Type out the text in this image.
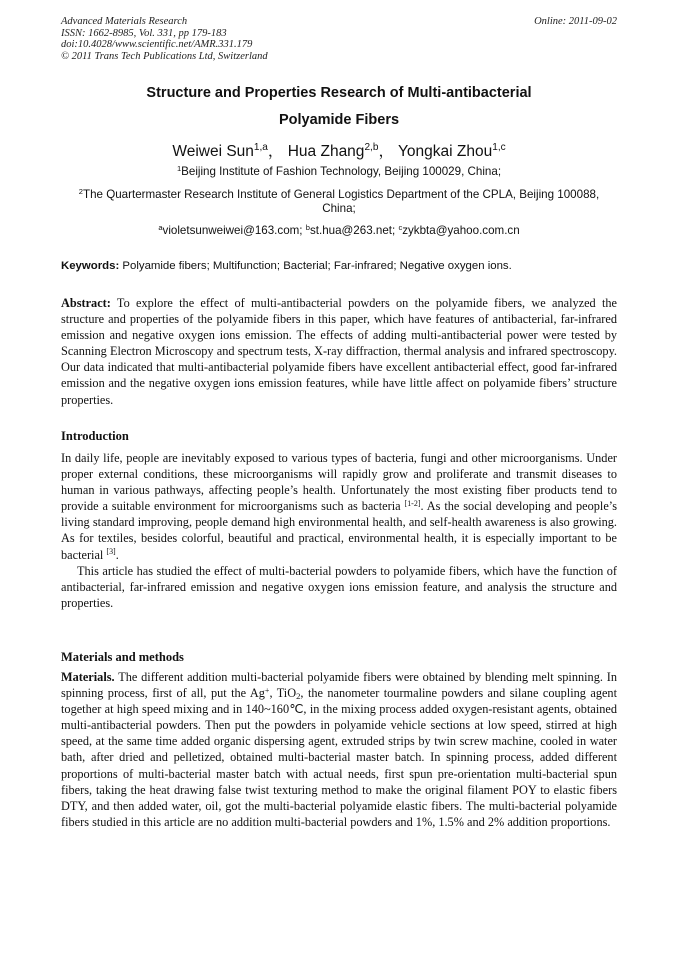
Advanced Materials Research
ISSN: 1662-8985, Vol. 331, pp 179-183
doi:10.4028/www.scientific.net/AMR.331.179
© 2011 Trans Tech Publications Ltd, Switzerland
Online: 2011-09-02
Structure and Properties Research of Multi-antibacterial
Polyamide Fibers
Weiwei Sun$^{1,a}$， Hua Zhang$^{2,b}$， Yongkai Zhou$^{1,c}$
$^1$Beijing Institute of Fashion Technology, Beijing 100029, China;
$^2$The Quartermaster Research Institute of General Logistics Department of the CPLA, Beijing 100088, China;
$^a$violetsunweiwei@163.com; $^b$st.hua@263.net; $^c$zykbta@yahoo.com.cn
Keywords: Polyamide fibers; Multifunction; Bacterial; Far-infrared; Negative oxygen ions.
Abstract: To explore the effect of multi-antibacterial powders on the polyamide fibers, we analyzed the structure and properties of the polyamide fibers in this paper, which have features of antibacterial, far-infrared emission and negative oxygen ions emission. The effects of adding multi-antibacterial power were tested by Scanning Electron Microscopy and spectrum tests, X-ray diffraction, thermal analysis and infrared spectroscopy. Our data indicated that multi-antibacterial polyamide fibers have excellent antibacterial effect, good far-infrared emission and the negative oxygen ions emission features, while have little affect on polyamide fibers’ structure properties.
Introduction

In daily life, people are inevitably exposed to various types of bacteria, fungi and other microorganisms. Under proper external conditions, these microorganisms will rapidly grow and proliferate and transmit diseases to human in various pathways, affecting people’s health. Unfortunately the most existing fiber products tend to provide a suitable environment for microorganisms such as bacteria [1-2]. As the social developing and people’s living standard improving, people demand high environmental health, and self-health awareness is also growing. As for textiles, besides colorful, beautiful and practical, environmental health, it is especially important to be bacterial [3].

This article has studied the effect of multi-bacterial powders to polyamide fibers, which have the function of antibacterial, far-infrared emission and negative oxygen ions emission feature, and analysis the structure and properties.

Materials and methods

Materials. The different addition multi-bacterial polyamide fibers were obtained by blending melt spinning. In spinning process, first of all, put the Ag+, TiO$_2$, the nanometer tourmaline powders and silane coupling agent together at high speed mixing and in 140~160℃, in the mixing process added oxygen-resistant agents, obtained multi-antibacterial powders. Then put the powders in polyamide vehicle sections at low speed, stirred at high speed, at the same time added organic dispersing agent, extruded strips by twin screw machine, cooled in water bath, after dried and pelletized, obtained multi-bacterial master batch. In spinning process, added different proportions of multi-bacterial master batch with actual needs, first spun pre-orientation multi-bacterial spun fibers, taking the heat drawing false twist texturing method to make the original filament POY to elastic fibers DTY, and then added water, oil, got the multi-bacterial polyamide elastic fibers. The multi-bacterial polyamide fibers studied in this article are no addition multi-bacterial powders and 1%, 1.5% and 2% addition proportions.
